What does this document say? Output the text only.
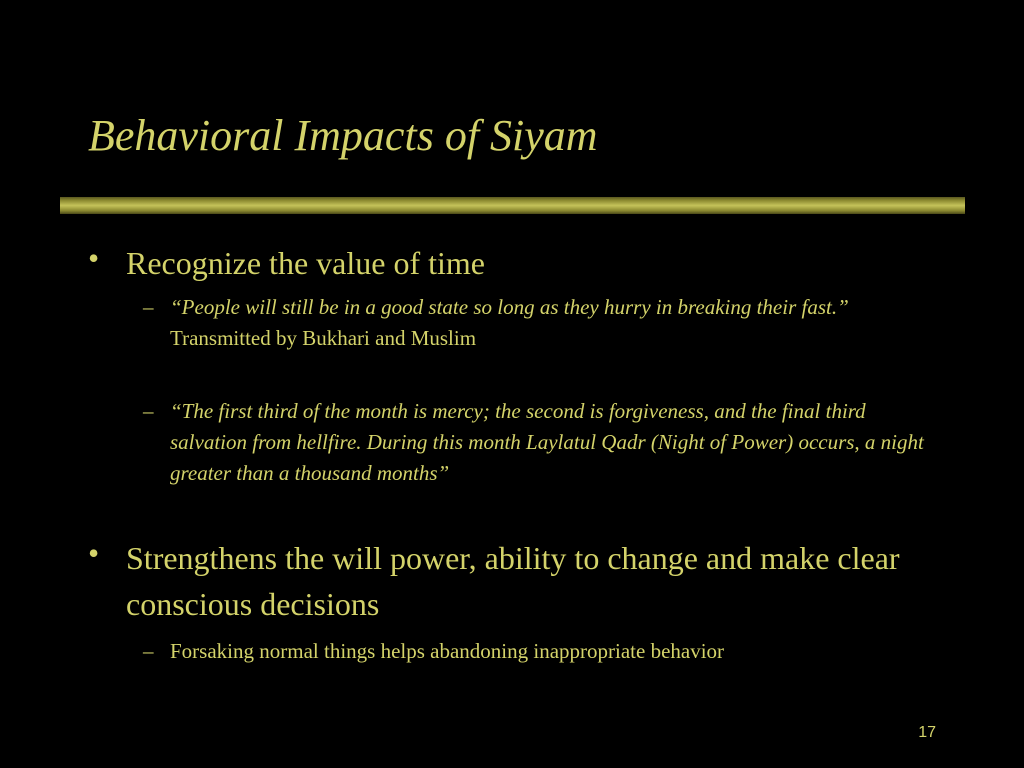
Behavioral Impacts of Siyam
• Recognize the value of time
– “People will still be in a good state so long as they hurry in breaking their fast.” Transmitted by Bukhari and Muslim
– “The first third of the month is mercy; the second is forgiveness, and the final third salvation from hellfire. During this month Laylatul Qadr (Night of Power) occurs, a night greater than a thousand months”
• Strengthens the will power, ability to change and make clear conscious decisions
– Forsaking normal things helps abandoning inappropriate behavior
17
